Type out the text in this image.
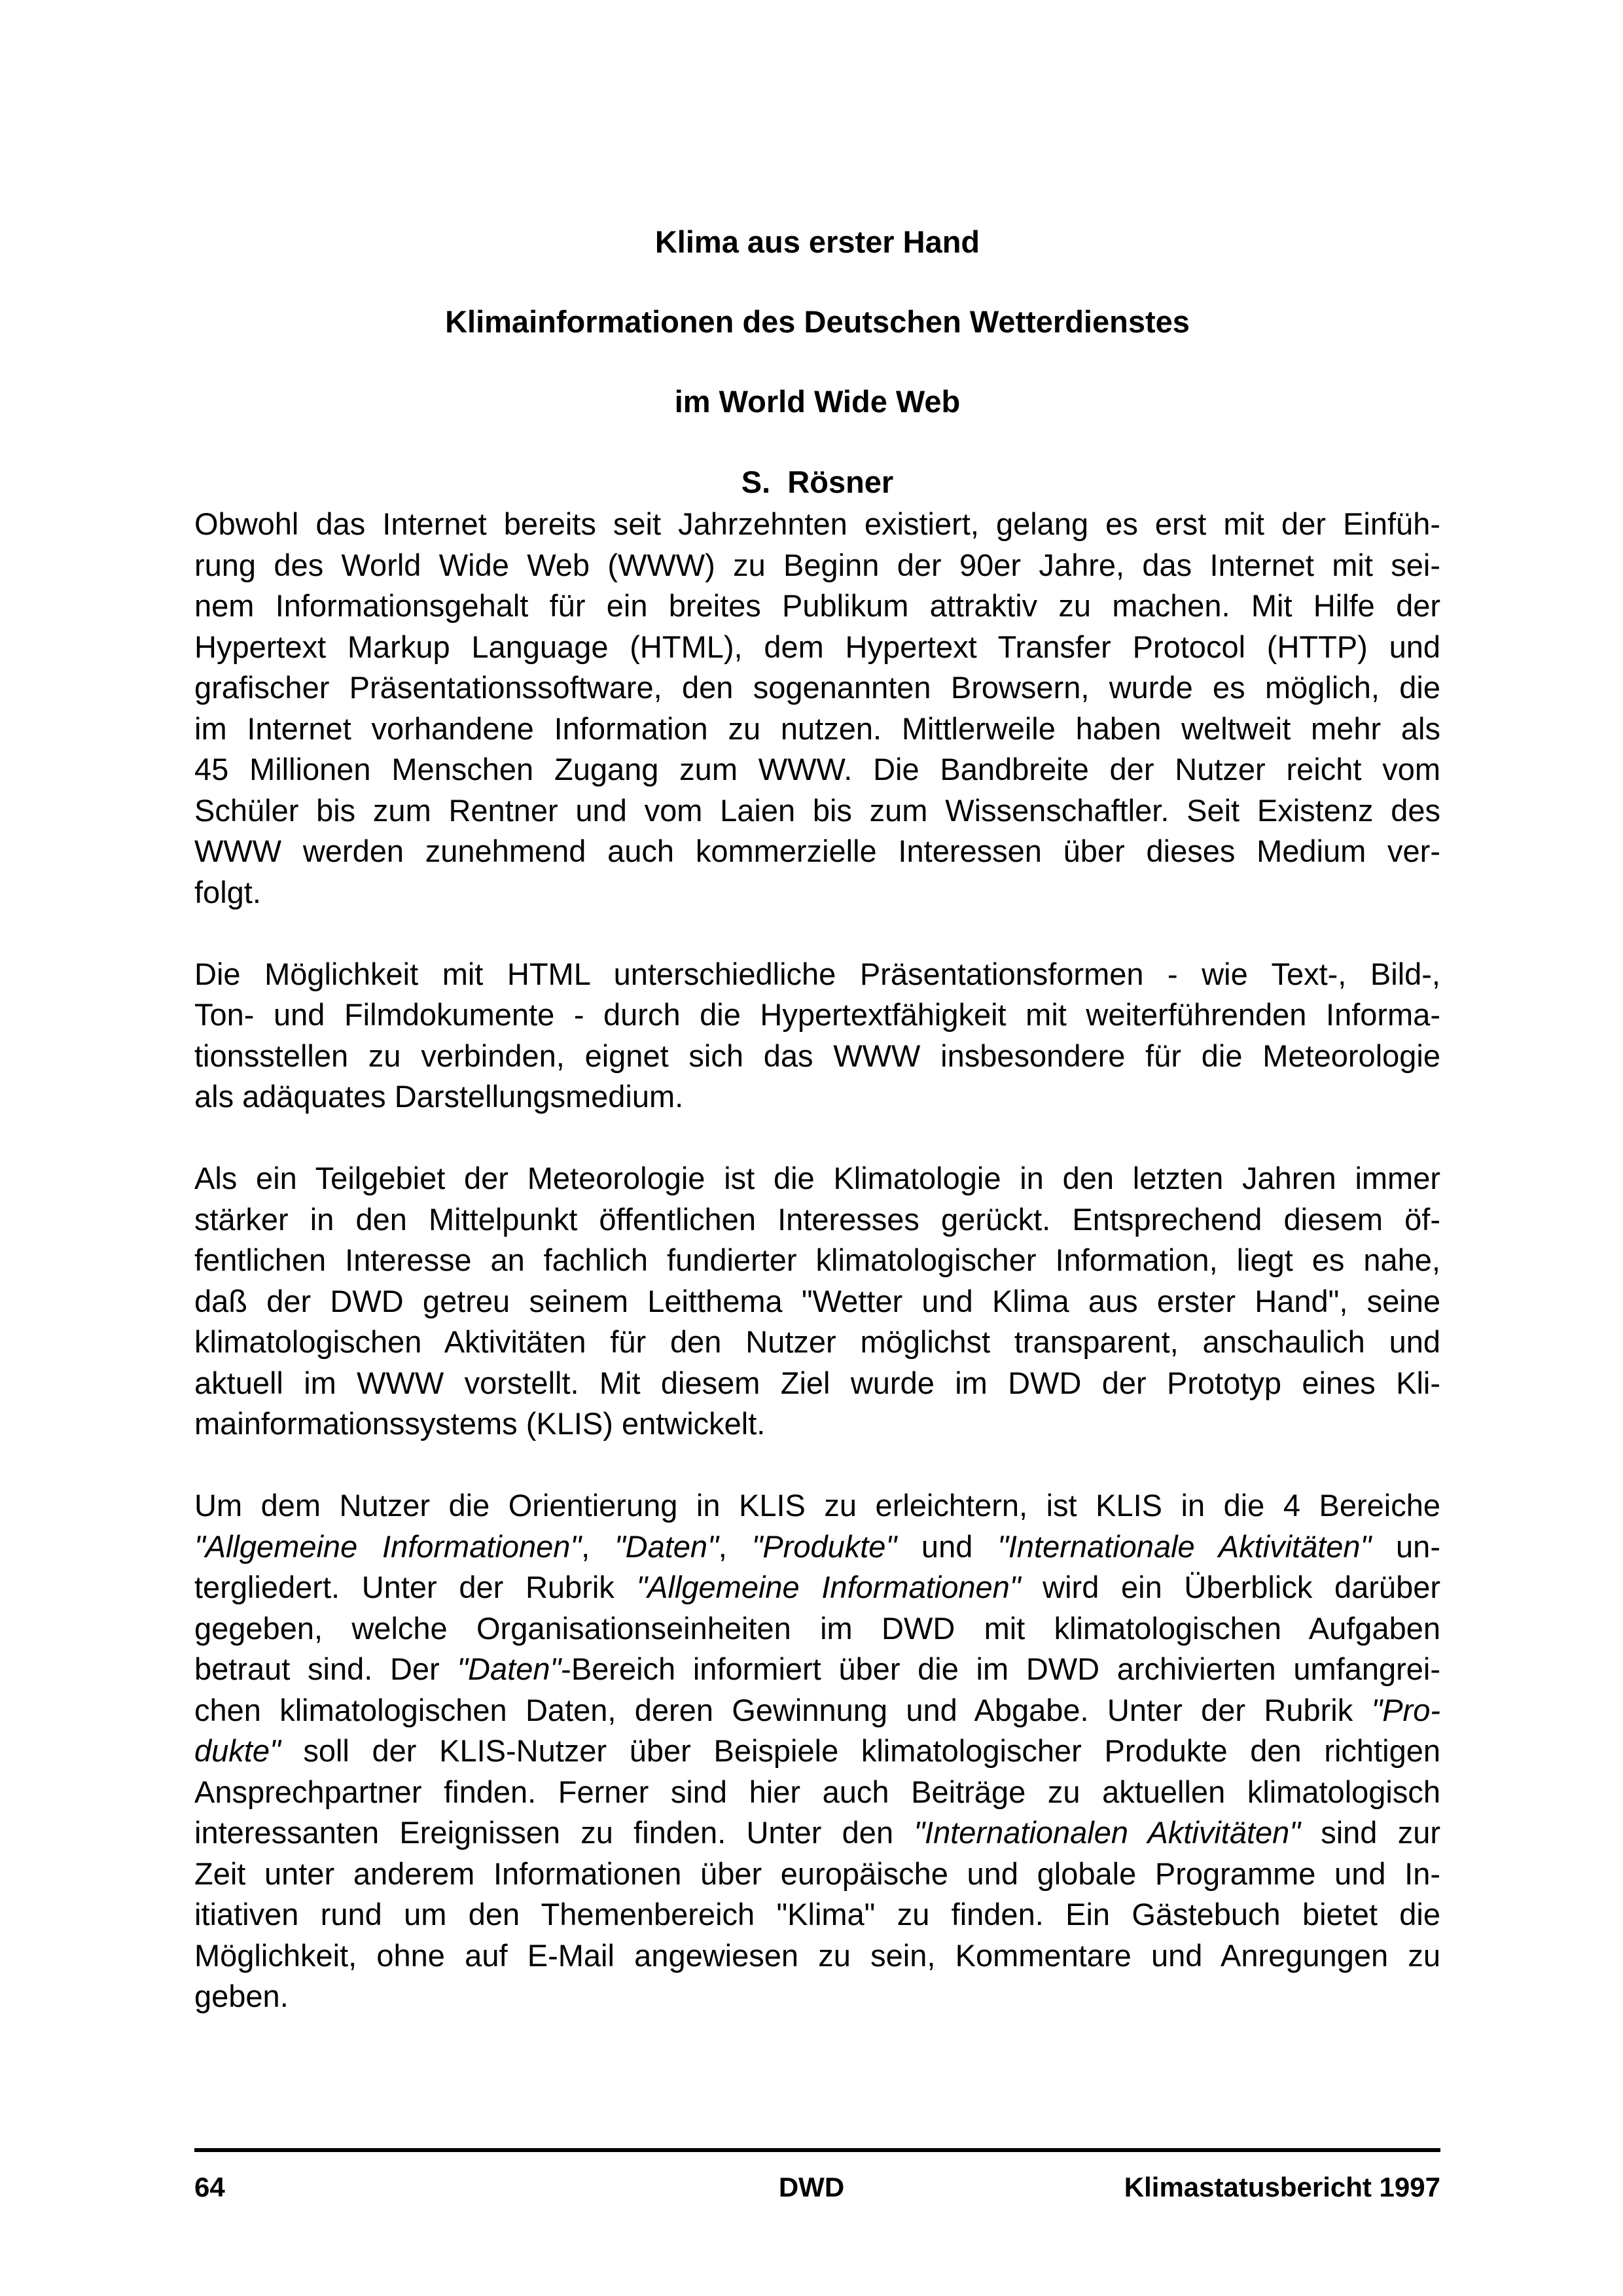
Klima aus erster Hand
Klimainformationen des Deutschen Wetterdienstes
im World Wide Web
S.  Rösner
Obwohl das Internet bereits seit Jahrzehnten existiert, gelang es erst mit der Einfüh-
rung des World Wide Web (WWW) zu Beginn der 90er Jahre, das Internet mit sei-
nem Informationsgehalt für ein breites Publikum attraktiv zu machen. Mit Hilfe der
Hypertext Markup Language (HTML), dem Hypertext Transfer Protocol (HTTP) und
grafischer Präsentationssoftware, den sogenannten Browsern, wurde es möglich, die
im Internet vorhandene Information zu nutzen. Mittlerweile haben weltweit mehr als
45 Millionen Menschen Zugang zum WWW. Die Bandbreite der Nutzer reicht vom
Schüler bis zum Rentner und vom Laien bis zum Wissenschaftler. Seit Existenz des
WWW werden zunehmend auch kommerzielle Interessen über dieses Medium ver-
folgt.
Die Möglichkeit mit HTML unterschiedliche Präsentationsformen - wie Text-, Bild-,
Ton- und Filmdokumente - durch die Hypertextfähigkeit mit weiterführenden Informa-
tionsstellen zu verbinden, eignet sich das WWW insbesondere für die Meteorologie
als adäquates Darstellungsmedium.
Als ein Teilgebiet der Meteorologie ist die Klimatologie in den letzten Jahren immer
stärker in den Mittelpunkt öffentlichen Interesses gerückt. Entsprechend diesem öf-
fentlichen Interesse an fachlich fundierter klimatologischer Information, liegt es nahe,
daß der DWD getreu seinem Leitthema "Wetter und Klima aus erster Hand", seine
klimatologischen Aktivitäten für den Nutzer möglichst transparent, anschaulich und
aktuell im WWW vorstellt. Mit diesem Ziel wurde im DWD der Prototyp eines Kli-
mainformationssystems (KLIS) entwickelt.
Um dem Nutzer die Orientierung in KLIS zu erleichtern, ist KLIS in die 4 Bereiche
"Allgemeine Informationen", "Daten", "Produkte" und "Internationale Aktivitäten" un-
tergliedert. Unter der Rubrik "Allgemeine Informationen" wird ein Überblick darüber
gegeben, welche Organisationseinheiten im DWD mit klimatologischen Aufgaben
betraut sind. Der "Daten"-Bereich informiert über die im DWD archivierten umfangrei-
chen klimatologischen Daten, deren Gewinnung und Abgabe. Unter der Rubrik "Pro-
dukte" soll der KLIS-Nutzer über Beispiele klimatologischer Produkte den richtigen
Ansprechpartner finden. Ferner sind hier auch Beiträge zu aktuellen klimatologisch
interessanten Ereignissen zu finden. Unter den "Internationalen Aktivitäten" sind zur
Zeit unter anderem Informationen über europäische und globale Programme und In-
itiativen rund um den Themenbereich "Klima" zu finden. Ein Gästebuch bietet die
Möglichkeit, ohne auf E-Mail angewiesen zu sein, Kommentare und Anregungen zu
geben.
64	DWD	Klimastatusbericht 1997
